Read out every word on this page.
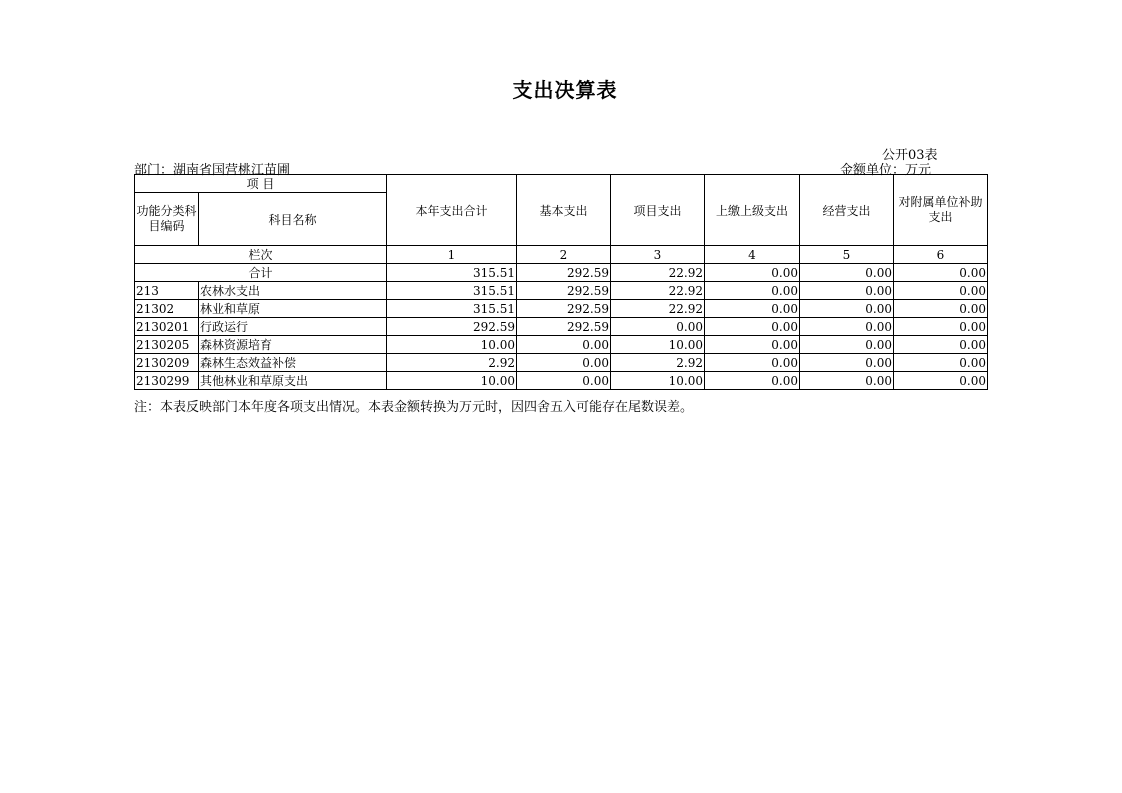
支出决算表
公开03表
部门：湖南省国营桃江苗圃	金额单位：万元
项 目		本年支出合计	基本支出	项目支出	上缴上级支出	经营支出	对附属单位补助支出
功能分类科目编码	科目名称						
栏次		1	2	3	4	5	6
合计		315.51	292.59	22.92	0.00	0.00	0.00
213	农林水支出	315.51	292.59	22.92	0.00	0.00	0.00
21302	林业和草原	315.51	292.59	22.92	0.00	0.00	0.00
2130201	行政运行	292.59	292.59	0.00	0.00	0.00	0.00
2130205	森林资源培育	10.00	0.00	10.00	0.00	0.00	0.00
2130209	森林生态效益补偿	2.92	0.00	2.92	0.00	0.00	0.00
2130299	其他林业和草原支出	10.00	0.00	10.00	0.00	0.00	0.00
注：本表反映部门本年度各项支出情况。本表金额转换为万元时，因四舍五入可能存在尾数误差。
